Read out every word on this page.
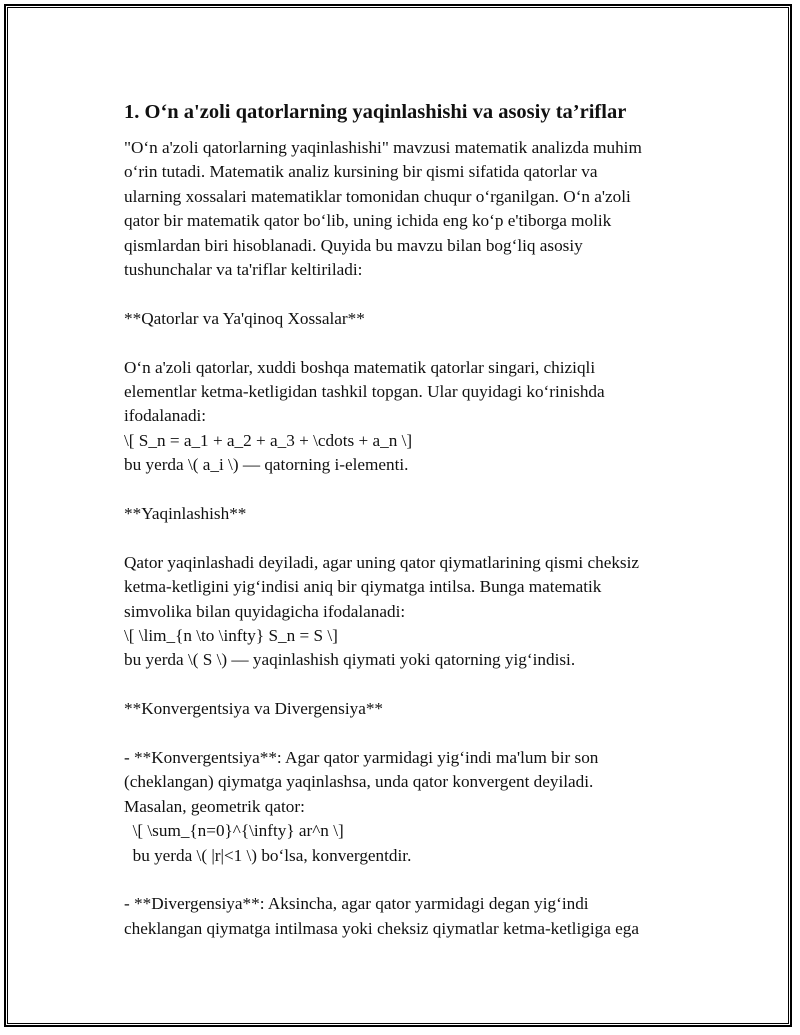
1. O‘n a'zoli qatorlarning yaqinlashishi va asosiy ta’riflar

"O‘n a'zoli qatorlarning yaqinlashishi" mavzusi matematik analizda muhim
o‘rin tutadi. Matematik analiz kursining bir qismi sifatida qatorlar va
ularning xossalari matematiklar tomonidan chuqur o‘rganilgan. O‘n a'zoli
qator bir matematik qator bo‘lib, uning ichida eng ko‘p e'tiborga molik
qismlardan biri hisoblanadi. Quyida bu mavzu bilan bog‘liq asosiy
tushunchalar va ta'riflar keltiriladi:

**Qatorlar va Ya'qinoq Xossalar**

O‘n a'zoli qatorlar, xuddi boshqa matematik qatorlar singari, chiziqli
elementlar ketma-ketligidan tashkil topgan. Ular quyidagi ko‘rinishda
ifodalanadi:
\[ S_n = a_1 + a_2 + a_3 + \cdots + a_n \]
bu yerda \( a_i \) — qatorning i-elementi.

**Yaqinlashish**

Qator yaqinlashadi deyiladi, agar uning qator qiymatlarining qismi cheksiz
ketma-ketligini yig‘indisi aniq bir qiymatga intilsa. Bunga matematik
simvolika bilan quyidagicha ifodalanadi:
\[ \lim_{n \to \infty} S_n = S \]
bu yerda \( S \) — yaqinlashish qiymati yoki qatorning yig‘indisi.

**Konvergentsiya va Divergensiya**

- **Konvergentsiya**: Agar qator yarmidagi yig‘indi ma'lum bir son
(cheklangan) qiymatga yaqinlashsa, unda qator konvergent deyiladi.
Masalan, geometrik qator:
\[ \sum_{n=0}^{\infty} ar^n \]
bu yerda \( |r|<1 \) bo‘lsa, konvergentdir.

- **Divergensiya**: Aksincha, agar qator yarmidagi degan yig‘indi
cheklangan qiymatga intilmasa yoki cheksiz qiymatlar ketma-ketligiga ega
